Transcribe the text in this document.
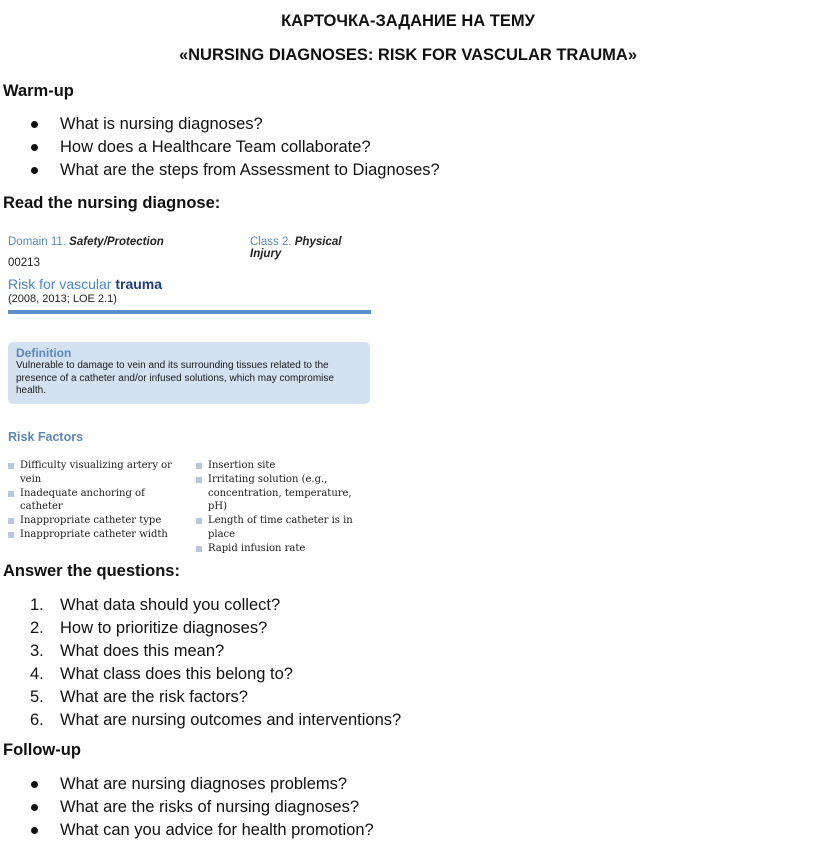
КАРТОЧКА-ЗАДАНИЕ НА ТЕМУ
«NURSING DIAGNOSES: RISK FOR VASCULAR TRAUMA»
Warm-up
What is nursing diagnoses?
How does a Healthcare Team collaborate?
What are the steps from Assessment to Diagnoses?
Read the nursing diagnose:
Domain 11. Safety/Protection	Class 2. Physical Injury
00213
Risk for vascular trauma
(2008, 2013; LOE 2.1)
Definition
Vulnerable to damage to vein and its surrounding tissues related to the presence of a catheter and/or infused solutions, which may compromise health.
Risk Factors
Difficulty visualizing artery or vein
Inadequate anchoring of catheter
Inappropriate catheter type
Inappropriate catheter width
Insertion site
Irritating solution (e.g., concentration, temperature, pH)
Length of time catheter is in place
Rapid infusion rate
Answer the questions:
1. What data should you collect?
2. How to prioritize diagnoses?
3. What does this mean?
4. What class does this belong to?
5. What are the risk factors?
6. What are nursing outcomes and interventions?
Follow-up
What are nursing diagnoses problems?
What are the risks of nursing diagnoses?
What can you advice for health promotion?
